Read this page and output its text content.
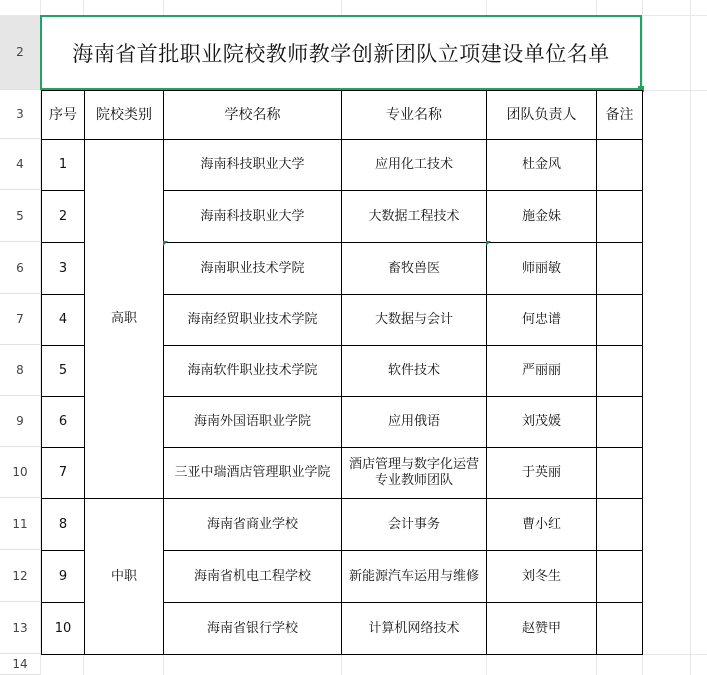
2
3
4
5
6
7
8
9
10
11
12
13
14
海南省首批职业院校教师教学创新团队立项建设单位名单
序号	院校类别	学校名称	专业名称	团队负责人	备注
1	高职	海南科技职业大学	应用化工技术	杜金风	
2		海南科技职业大学	大数据工程技术	施金妹	
3		海南职业技术学院	畜牧兽医	师丽敏	
4		海南经贸职业技术学院	大数据与会计	何忠谱	
5		海南软件职业技术学院	软件技术	严丽丽	
6		海南外国语职业学院	应用俄语	刘茂媛	
7		三亚中瑞酒店管理职业学院	酒店管理与数字化运营专业教师团队	于英丽	
8	中职	海南省商业学校	会计事务	曹小红	
9		海南省机电工程学校	新能源汽车运用与维修	刘冬生	
10		海南省银行学校	计算机网络技术	赵赞甲	
